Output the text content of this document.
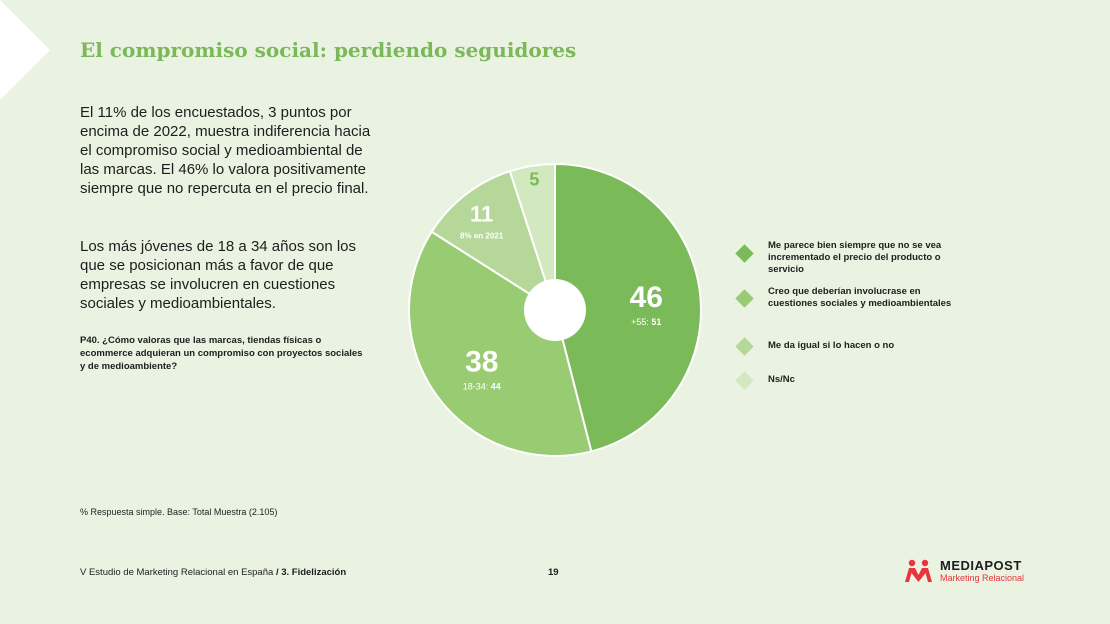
El compromiso social: perdiendo seguidores

El 11% de los encuestados, 3 puntos por encima de 2022, muestra indiferencia hacia el compromiso social y medioambiental de las marcas. El 46% lo valora positivamente siempre que no repercuta en el precio final.

Los más jóvenes de 18 a 34 años son los que se posicionan más a favor de que empresas se involucren en cuestiones sociales y medioambientales.

P40. ¿Cómo valoras que las marcas, tiendas físicas o ecommerce adquieran un compromiso con proyectos sociales y de medioambiente?

46
+55: 51
38
18-34: 44
11
8% en 2021
5
Me parece bien siempre que no se vea incrementado el precio del producto o servicio
Creo que deberían involucrase en cuestiones sociales y medioambientales
Me da igual si lo hacen o no
Ns/Nc
% Respuesta simple. Base: Total Muestra (2.105)
V Estudio de Marketing Relacional en España / 3. Fidelización	19	MEDIAPOST
Marketing Relacional
